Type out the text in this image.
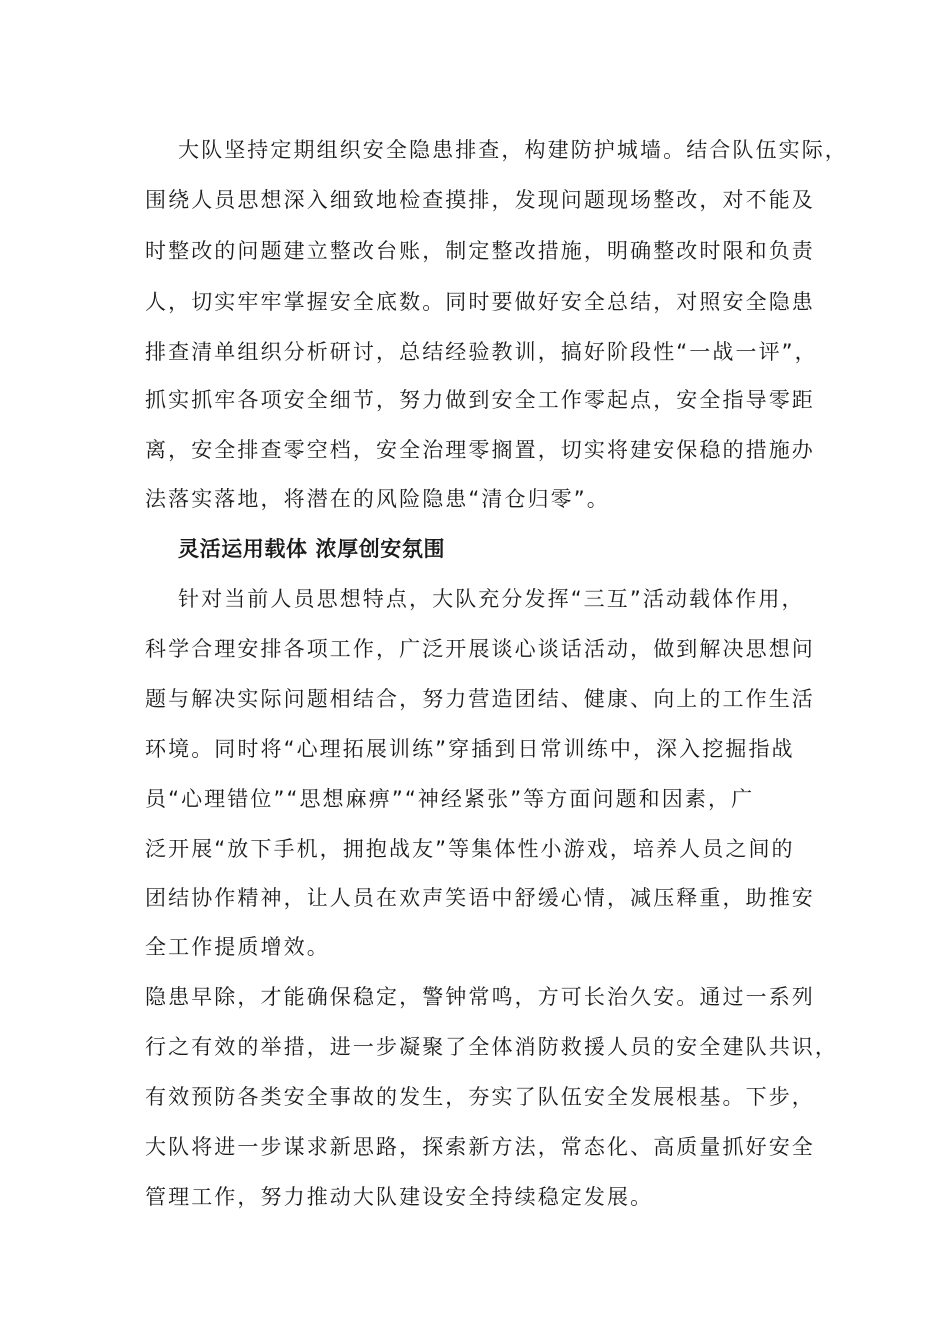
大队坚持定期组织安全隐患排查，构建防护城墙。结合队伍实际，
围绕人员思想深入细致地检查摸排，发现问题现场整改，对不能及
时整改的问题建立整改台账，制定整改措施，明确整改时限和负责
人，切实牢牢掌握安全底数。同时要做好安全总结，对照安全隐患
排查清单组织分析研讨，总结经验教训，搞好阶段性“一战一评”，
抓实抓牢各项安全细节，努力做到安全工作零起点，安全指导零距
离，安全排查零空档，安全治理零搁置，切实将建安保稳的措施办
法落实落地，将潜在的风险隐患“清仓归零”。
灵活运用载体 浓厚创安氛围
针对当前人员思想特点，大队充分发挥“三互”活动载体作用，
科学合理安排各项工作，广泛开展谈心谈话活动，做到解决思想问
题与解决实际问题相结合，努力营造团结、健康、向上的工作生活
环境。同时将“心理拓展训练”穿插到日常训练中，深入挖掘指战
员“心理错位”“思想麻痹”“神经紧张”等方面问题和因素，广
泛开展“放下手机，拥抱战友”等集体性小游戏，培养人员之间的
团结协作精神，让人员在欢声笑语中舒缓心情，减压释重，助推安
全工作提质增效。
隐患早除，才能确保稳定，警钟常鸣，方可长治久安。通过一系列
行之有效的举措，进一步凝聚了全体消防救援人员的安全建队共识，
有效预防各类安全事故的发生，夯实了队伍安全发展根基。下步，
大队将进一步谋求新思路，探索新方法，常态化、高质量抓好安全
管理工作，努力推动大队建设安全持续稳定发展。
